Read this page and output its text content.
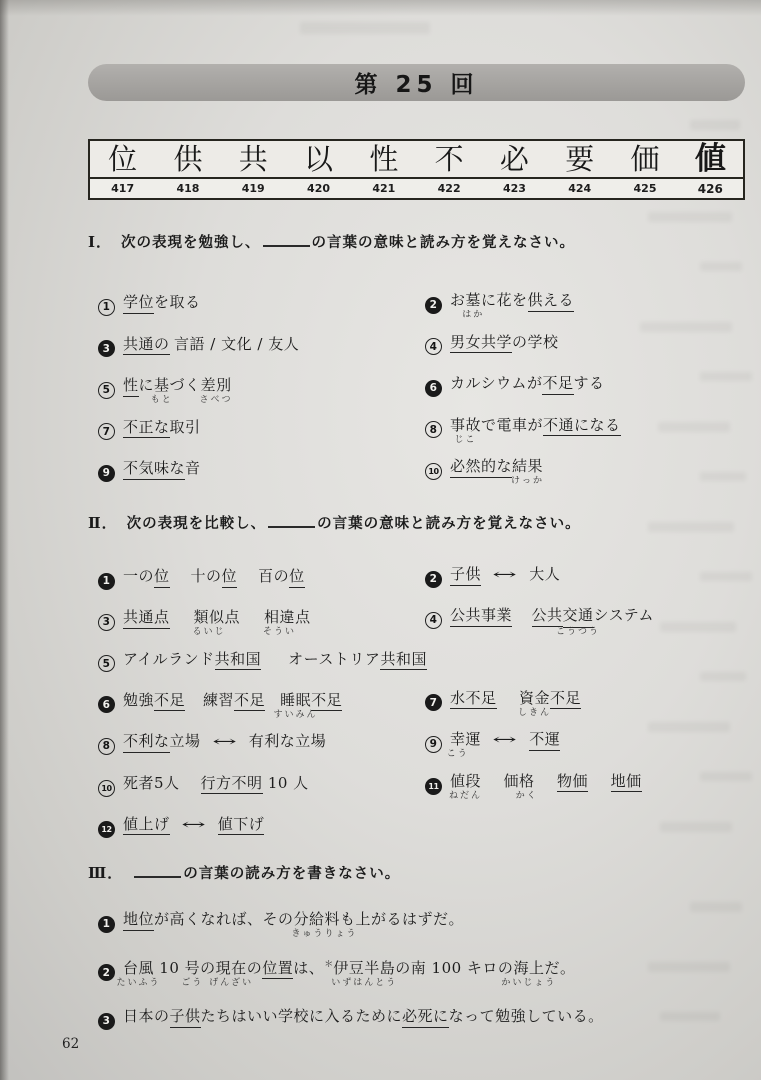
第 25 回
位	供	共	以	性	不	必	要	価	値
417	418	419	420	421	422	423	424	425	426
62
Ⅰ． 次の表現を勉強し、	の言葉の意味と読み方を覚えなさい。
1 学位を取る	2 お墓
はか
に花を供える
3 共通の 言語 / 文化 / 友人	4 男女共学の学校
5 性に基
もと
づく差別
さべつ
6 カルシウムが不足する
7 不正な取引	8 事故
じこ
で電車が不通になる
9 不気味な音	10 必然的な結果
けっか
Ⅱ． 次の表現を比較し、	の言葉の意味と読み方を覚えなさい。
1 一の位 十の位 百の位	2 子供 ↔ 大人
3 共通点 類似
るいじ
点 相違
そうい
点	4 公共事業 公共交通
こうつう
システム
5 アイルランド共和国 オーストリア共和国
6 勉強不足 練習不足 睡眠
すいみん
不足	7 水不足 資金
しきん
不足
8 不利な立場 ↔ 有利な立場	9 幸
こう
運 ↔ 不運
10 死者5人 行方不明 10 人	11 値段
ねだん
価格
かく
物価 地価
12 値上げ ↔ 値下げ
Ⅲ．	の言葉の読み方を書きなさい。
1 地位が高くなれば、その分給料
きゅうりょう
も上がるはずだ。
2 台風
たいふう
10 号
ごう
の現在
げんざい
の位置は、＊伊豆半島
いずはんとう
の南 100 キロの海上
かいじょう
だ。
3 日本の子供たちはいい学校に入るために必死になって勉強している。
